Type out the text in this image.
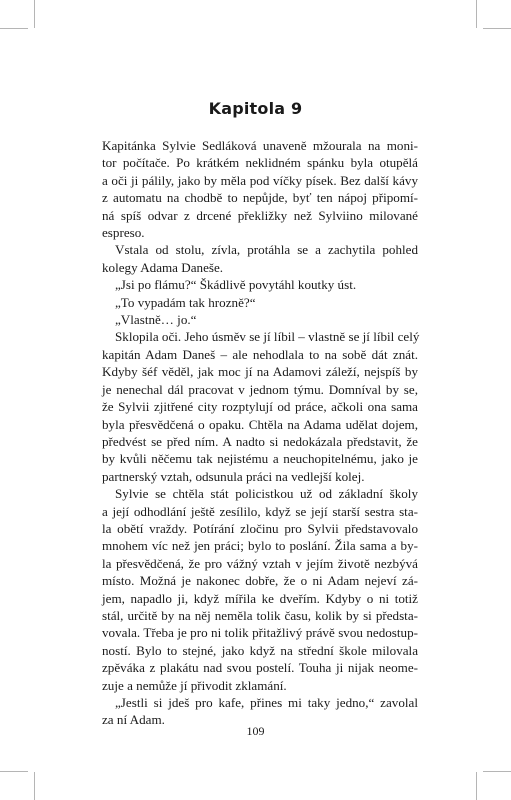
Kapitola 9
Kapitánka Sylvie Sedláková unaveně mžourala na moni-
tor počítače. Po krátkém neklidném spánku byla otupělá
a oči ji pálily, jako by měla pod víčky písek. Bez další kávy
z automatu na chodbě to nepůjde, byť ten nápoj připomí-
ná spíš odvar z drcené překližky než Sylviino milované
espreso.
Vstala od stolu, zívla, protáhla se a zachytila pohled
kolegy Adama Daneše.
„Jsi po flámu?“ Škádlivě povytáhl koutky úst.
„To vypadám tak hrozně?“
„Vlastně… jo.“
Sklopila oči. Jeho úsměv se jí líbil – vlastně se jí líbil celý
kapitán Adam Daneš – ale nehodlala to na sobě dát znát.
Kdyby šéf věděl, jak moc jí na Adamovi záleží, nejspíš by
je nenechal dál pracovat v jednom týmu. Domníval by se,
že Sylvii zjitřené city rozptylují od práce, ačkoli ona sama
byla přesvědčená o opaku. Chtěla na Adama udělat dojem,
předvést se před ním. A nadto si nedokázala představit, že
by kvůli něčemu tak nejistému a neuchopitelnému, jako je
partnerský vztah, odsunula práci na vedlejší kolej.
Sylvie se chtěla stát policistkou už od základní školy
a její odhodlání ještě zesílilo, když se její starší sestra sta-
la obětí vraždy. Potírání zločinu pro Sylvii představovalo
mnohem víc než jen práci; bylo to poslání. Žila sama a by-
la přesvědčená, že pro vážný vztah v jejím životě nezbývá
místo. Možná je nakonec dobře, že o ni Adam nejeví zá-
jem, napadlo ji, když mířila ke dveřím. Kdyby o ni totiž
stál, určitě by na něj neměla tolik času, kolik by si předsta-
vovala. Třeba je pro ni tolik přitažlivý právě svou nedostup-
ností. Bylo to stejné, jako když na střední škole milovala
zpěváka z plakátu nad svou postelí. Touha ji nijak neome-
zuje a nemůže jí přivodit zklamání.
„Jestli si jdeš pro kafe, přines mi taky jedno,“ zavolal
za ní Adam.
109
